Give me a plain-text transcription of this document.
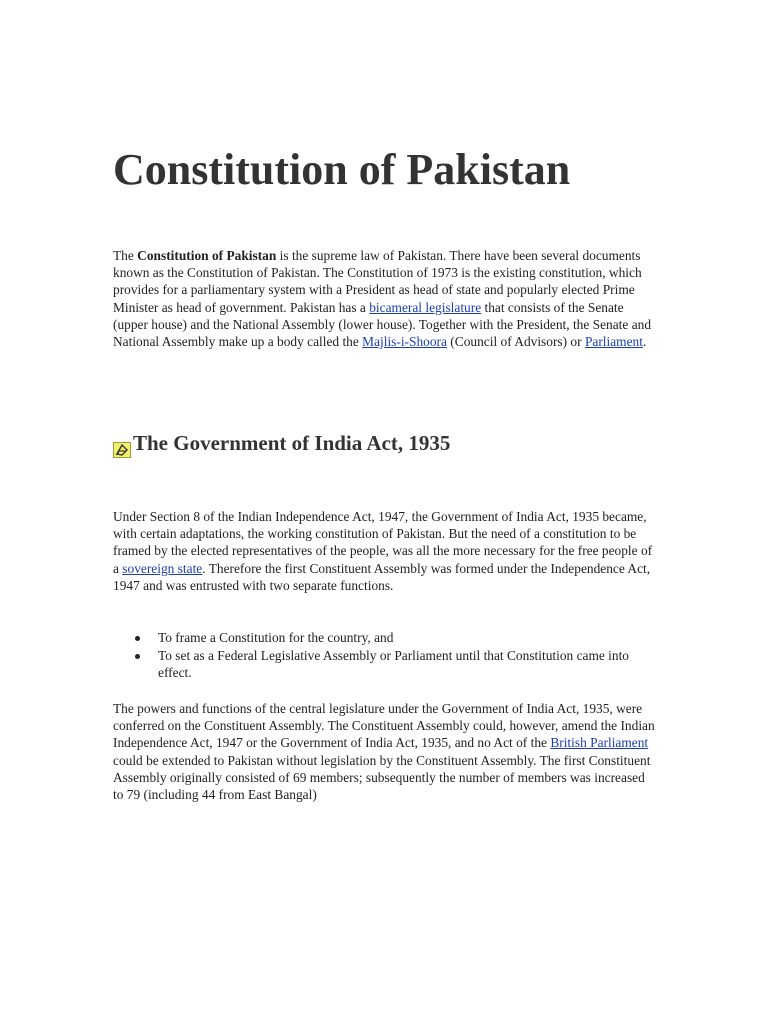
Constitution of Pakistan

The Constitution of Pakistan is the supreme law of Pakistan. There have been several documents known as the Constitution of Pakistan. The Constitution of 1973 is the existing constitution, which provides for a parliamentary system with a President as head of state and popularly elected Prime Minister as head of government. Pakistan has a bicameral legislature that consists of the Senate (upper house) and the National Assembly (lower house). Together with the President, the Senate and National Assembly make up a body called the Majlis-i-Shoora (Council of Advisors) or Parliament.

The Government of India Act, 1935

Under Section 8 of the Indian Independence Act, 1947, the Government of India Act, 1935 became, with certain adaptations, the working constitution of Pakistan. But the need of a constitution to be framed by the elected representatives of the people, was all the more necessary for the free people of a sovereign state. Therefore the first Constituent Assembly was formed under the Independence Act, 1947 and was entrusted with two separate functions.

To frame a Constitution for the country, and
To set as a Federal Legislative Assembly or Parliament until that Constitution came into effect.

The powers and functions of the central legislature under the Government of India Act, 1935, were conferred on the Constituent Assembly. The Constituent Assembly could, however, amend the Indian Independence Act, 1947 or the Government of India Act, 1935, and no Act of the British Parliament could be extended to Pakistan without legislation by the Constituent Assembly. The first Constituent Assembly originally consisted of 69 members; subsequently the number of members was increased to 79 (including 44 from East Bangal)
